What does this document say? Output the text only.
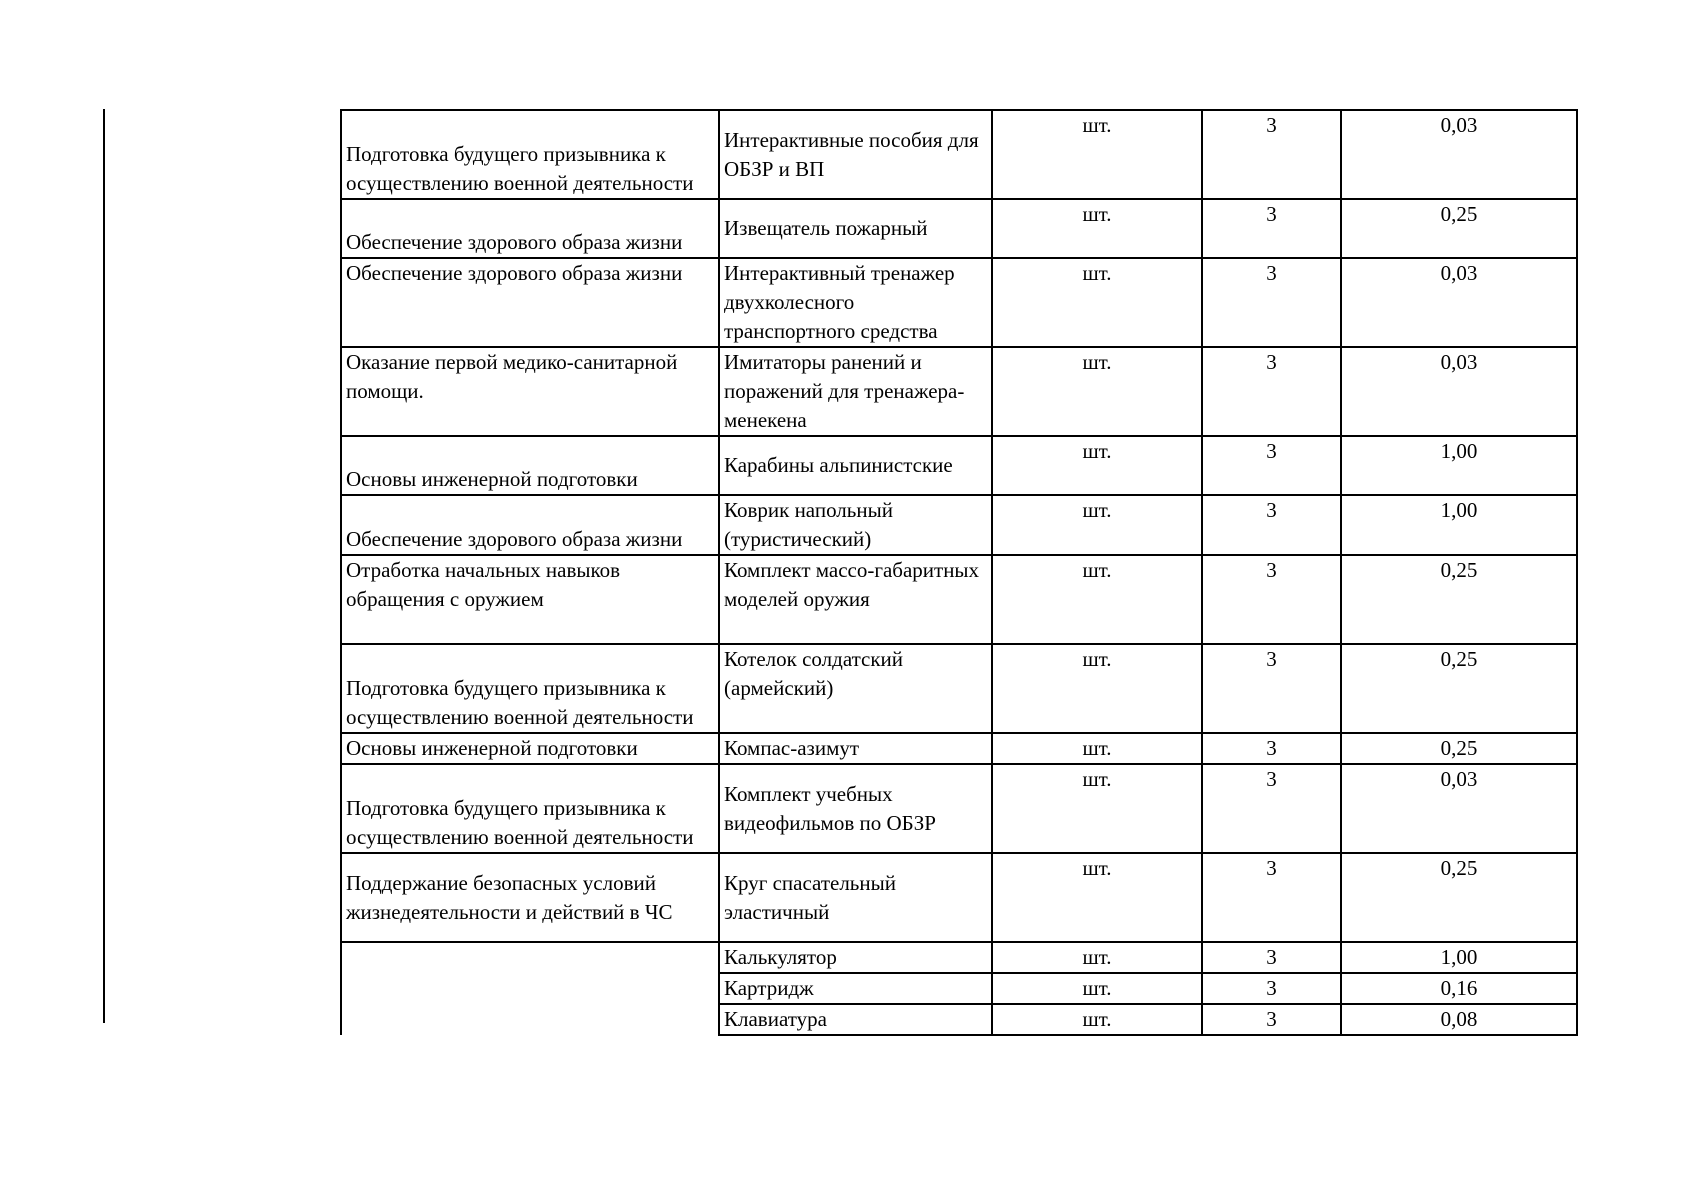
Подготовка будущего призывника к осуществлению военной деятельности	Интерактивные пособия для ОБЗР и ВП	шт.	3	0,03
Обеспечение здорового образа жизни	Извещатель пожарный	шт.	3	0,25
Обеспечение здорового образа жизни	Интерактивный тренажер двухколесного транспортного средства	шт.	3	0,03
Оказание первой медико-санитарной помощи.	Имитаторы ранений и поражений для тренажера-менекена	шт.	3	0,03
Основы инженерной подготовки	Карабины альпинистские	шт.	3	1,00
Обеспечение здорового образа жизни	Коврик напольный (туристический)	шт.	3	1,00
Отработка начальных навыков обращения с оружием	Комплект массо-габаритных моделей оружия	шт.	3	0,25
Подготовка будущего призывника к осуществлению военной деятельности	Котелок солдатский (армейский)	шт.	3	0,25
Основы инженерной подготовки	Компас-азимут	шт.	3	0,25
Подготовка будущего призывника к осуществлению военной деятельности	Комплект учебных видеофильмов по ОБЗР	шт.	3	0,03
Поддержание безопасных условий жизнедеятельности и действий в ЧС	Круг спасательный эластичный	шт.	3	0,25
	Калькулятор	шт.	3	1,00
	Картридж	шт.	3	0,16
	Клавиатура	шт.	3	0,08
